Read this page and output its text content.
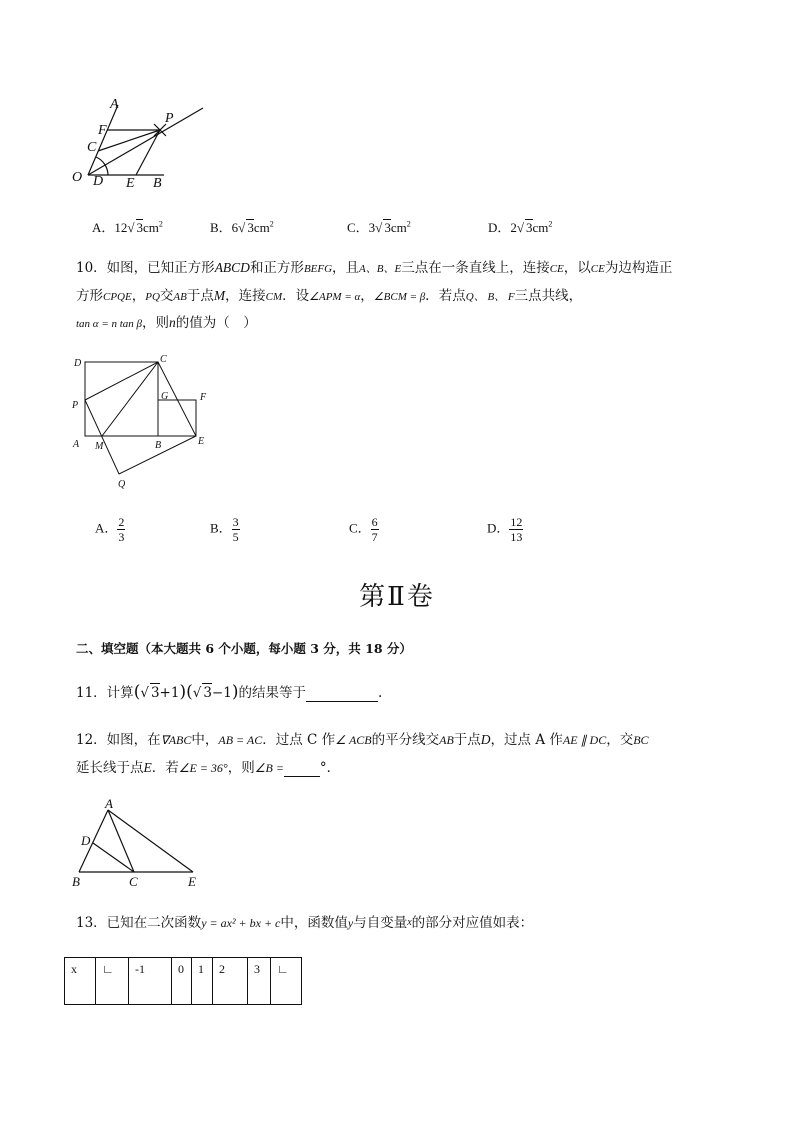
A
F
C
O D E B
P
A．12√ $3cm^2$	B．6√ $3cm^2$	C．3√ $3cm^2$	D．2√ $3cm^2$
10．如图，已知正方形ABCD和正方形BEFG，且A、B、E三点在一条直线上，连接CE，以CE为边构造正
方形CPQE，PQ交AB于点M，连接CM．设∠APM = α，∠BCM = β．若点Q、 B、 F三点共线，
tan α = n tan β，则n的值为（　）
D	C
P
G	F
A M	B	E
Q
A． $\frac{2}{3}$	B． $\frac{3}{5}$	C． $\frac{6}{7}$	D． $\frac{12}{13}$
第Ⅱ卷
二、填空题（本大题共 6 个小题，每小题 3 分，共 18 分）
11．计算(√ 3+1)(√ 3−1)的结果等于	.
12．如图，在∇ABC中，AB = AC．过点 C 作∠ ACB的平分线交AB于点D，过点 A 作AE ∥ DC，交BC
延长线于点E．若∠E = 36°，则∠B =	°．
A
D
B	C	E
13．已知在二次函数y = ax² + bx + c中，函数值y与自变量$^x$的部分对应值如表：
x	∟	-1	0	1	2	3	∟
